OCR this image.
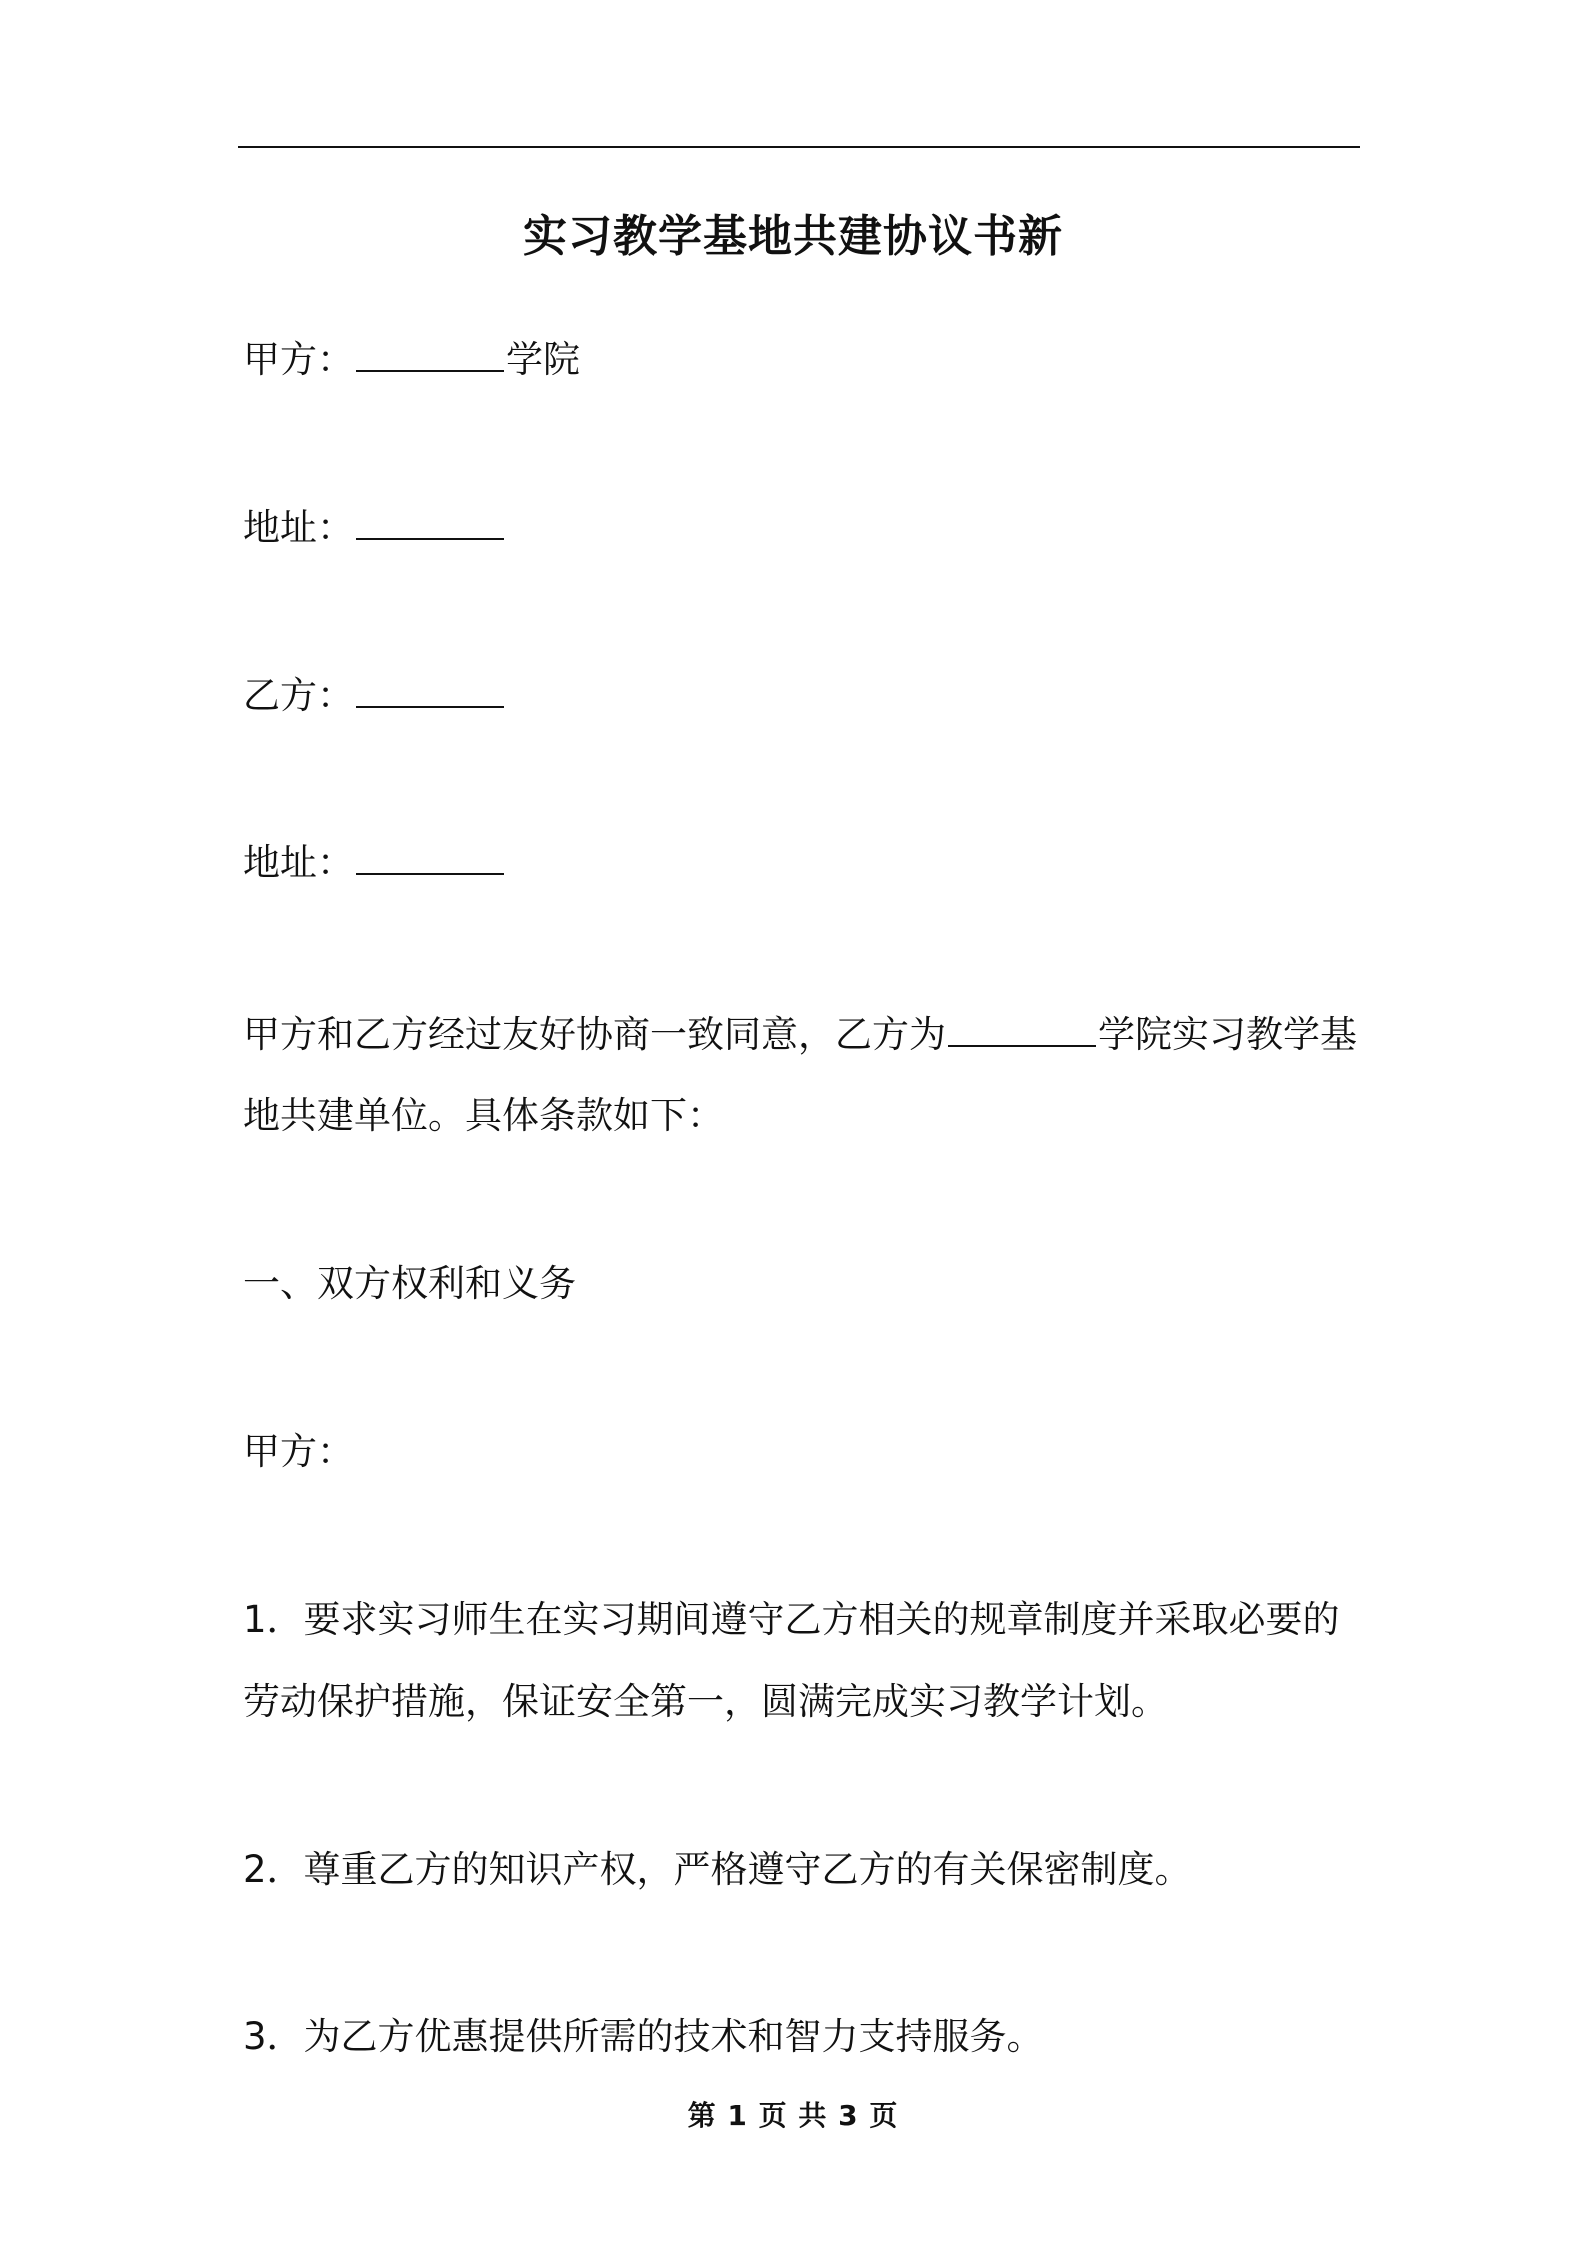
实习教学基地共建协议书新
甲方：	学院
地址：
乙方：
地址：
甲方和乙方经过友好协商一致同意，乙方为	学院实习教学基
地共建单位。具体条款如下：
一、双方权利和义务
甲方：
1．要求实习师生在实习期间遵守乙方相关的规章制度并采取必要的
劳动保护措施，保证安全第一，圆满完成实习教学计划。
2．尊重乙方的知识产权，严格遵守乙方的有关保密制度。
3．为乙方优惠提供所需的技术和智力支持服务。
第 1 页 共 3 页
